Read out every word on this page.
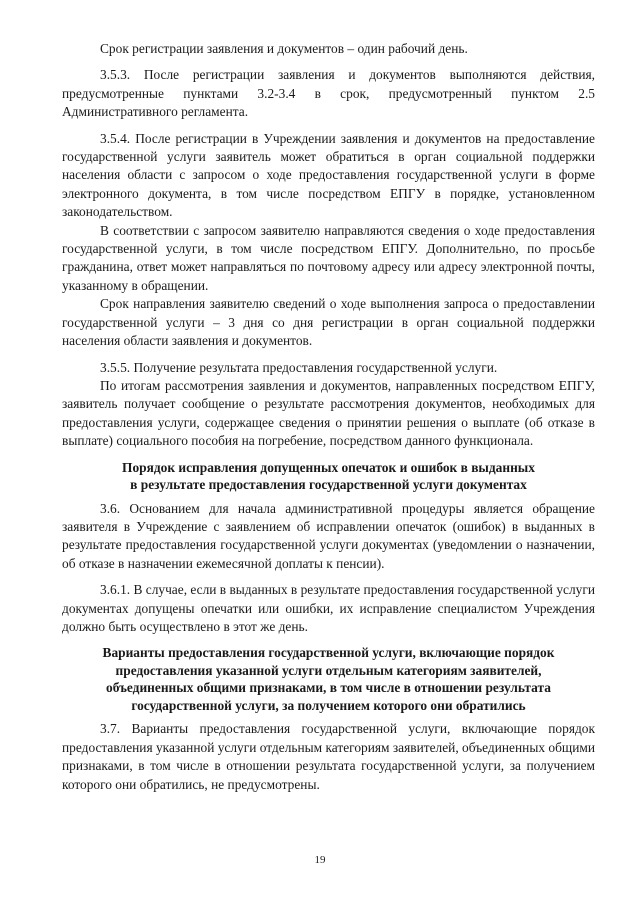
Срок регистрации заявления и документов – один рабочий день.

3.5.3. После регистрации заявления и документов выполняются действия, предусмотренные пунктами 3.2-3.4 в срок, предусмотренный пунктом 2.5 Административного регламента.

3.5.4. После регистрации в Учреждении заявления и документов на предоставление государственной услуги заявитель может обратиться в орган социальной поддержки населения области с запросом о ходе предоставления государственной услуги в форме электронного документа, в том числе посредством ЕПГУ в порядке, установленном законодательством.

В соответствии с запросом заявителю направляются сведения о ходе предоставления государственной услуги, в том числе посредством ЕПГУ. Дополнительно, по просьбе гражданина, ответ может направляться по почтовому адресу или адресу электронной почты, указанному в обращении.

Срок направления заявителю сведений о ходе выполнения запроса о предоставлении государственной услуги – 3 дня со дня регистрации в орган социальной поддержки населения области заявления и документов.

3.5.5. Получение результата предоставления государственной услуги.

По итогам рассмотрения заявления и документов, направленных посредством ЕПГУ, заявитель получает сообщение о результате рассмотрения документов, необходимых для предоставления услуги, содержащее сведения о принятии решения о выплате (об отказе в выплате) социального пособия на погребение, посредством данного функционала.

Порядок исправления допущенных опечаток и ошибок в выданных
в результате предоставления государственной услуги документах

3.6. Основанием для начала административной процедуры является обращение заявителя в Учреждение с заявлением об исправлении опечаток (ошибок) в выданных в результате предоставления государственной услуги документах (уведомлении о назначении, об отказе в назначении ежемесячной доплаты к пенсии).

3.6.1. В случае, если в выданных в результате предоставления государственной услуги документах допущены опечатки или ошибки, их исправление специалистом Учреждения должно быть осуществлено в этот же день.

Варианты предоставления государственной услуги, включающие порядок
предоставления указанной услуги отдельным категориям заявителей,
объединенных общими признаками, в том числе в отношении результата
государственной услуги, за получением которого они обратились

3.7. Варианты предоставления государственной услуги, включающие порядок предоставления указанной услуги отдельным категориям заявителей, объединенных общими признаками, в том числе в отношении результата государственной услуги, за получением которого они обратились, не предусмотрены.

19
